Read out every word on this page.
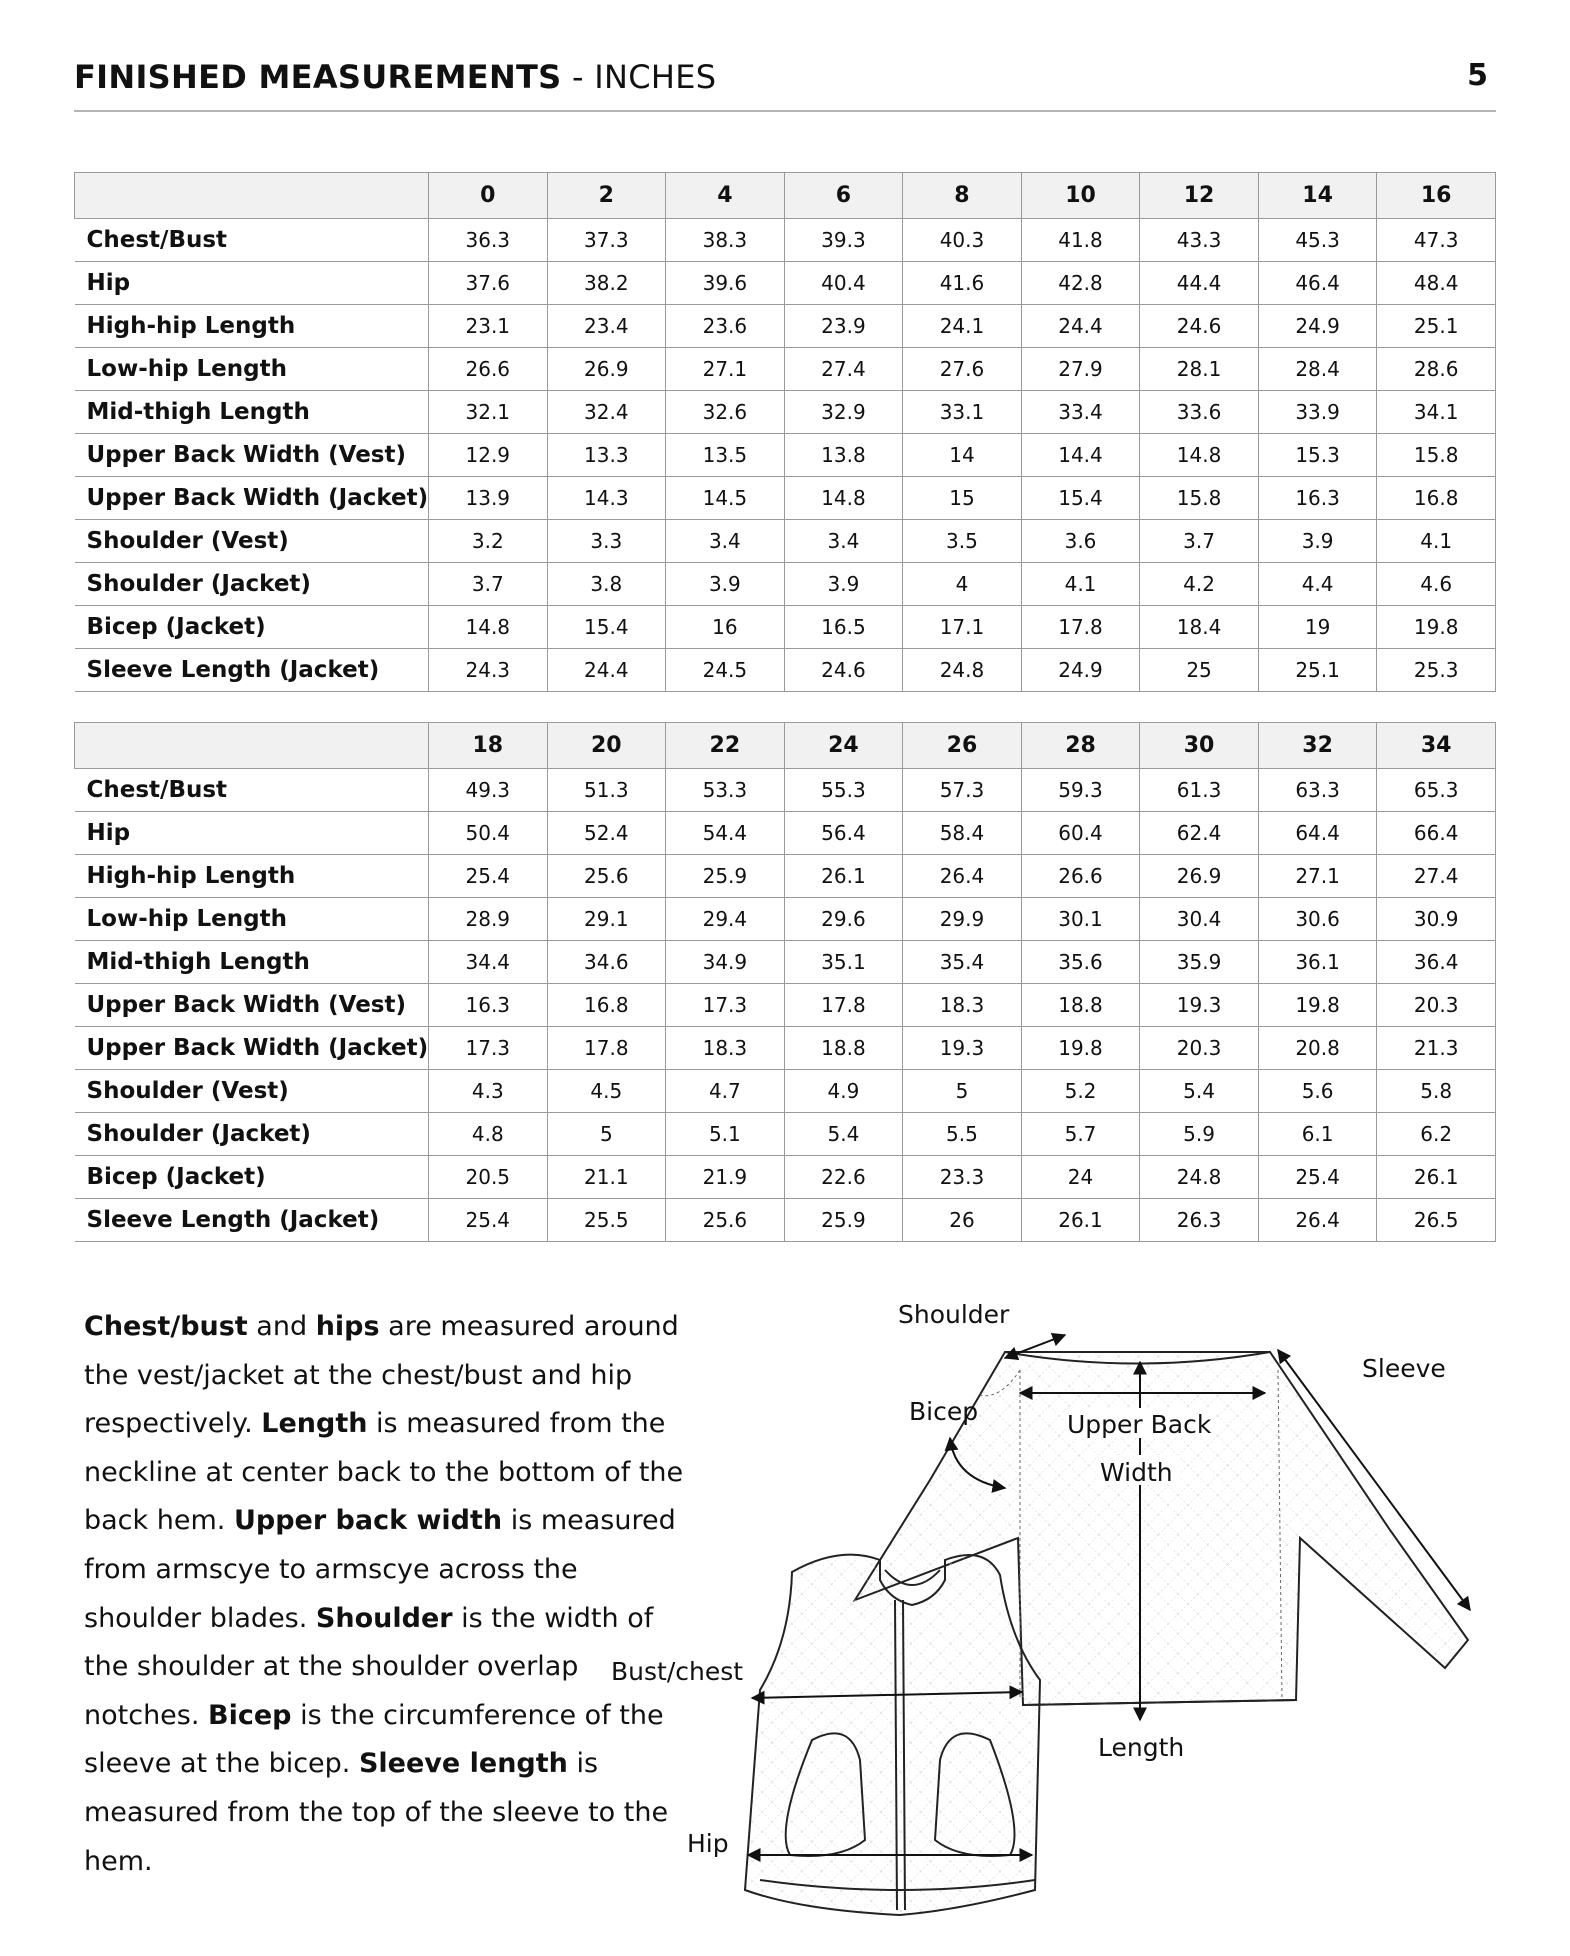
FINISHED MEASUREMENTS - INCHES	5
	0	2	4	6	8	10	12	14	16
Chest/Bust	36.3	37.3	38.3	39.3	40.3	41.8	43.3	45.3	47.3
Hip	37.6	38.2	39.6	40.4	41.6	42.8	44.4	46.4	48.4
High-hip Length	23.1	23.4	23.6	23.9	24.1	24.4	24.6	24.9	25.1
Low-hip Length	26.6	26.9	27.1	27.4	27.6	27.9	28.1	28.4	28.6
Mid-thigh Length	32.1	32.4	32.6	32.9	33.1	33.4	33.6	33.9	34.1
Upper Back Width (Vest)	12.9	13.3	13.5	13.8	14	14.4	14.8	15.3	15.8
Upper Back Width (Jacket)	13.9	14.3	14.5	14.8	15	15.4	15.8	16.3	16.8
Shoulder (Vest)	3.2	3.3	3.4	3.4	3.5	3.6	3.7	3.9	4.1
Shoulder (Jacket)	3.7	3.8	3.9	3.9	4	4.1	4.2	4.4	4.6
Bicep (Jacket)	14.8	15.4	16	16.5	17.1	17.8	18.4	19	19.8
Sleeve Length (Jacket)	24.3	24.4	24.5	24.6	24.8	24.9	25	25.1	25.3
	18	20	22	24	26	28	30	32	34
Chest/Bust	49.3	51.3	53.3	55.3	57.3	59.3	61.3	63.3	65.3
Hip	50.4	52.4	54.4	56.4	58.4	60.4	62.4	64.4	66.4
High-hip Length	25.4	25.6	25.9	26.1	26.4	26.6	26.9	27.1	27.4
Low-hip Length	28.9	29.1	29.4	29.6	29.9	30.1	30.4	30.6	30.9
Mid-thigh Length	34.4	34.6	34.9	35.1	35.4	35.6	35.9	36.1	36.4
Upper Back Width (Vest)	16.3	16.8	17.3	17.8	18.3	18.8	19.3	19.8	20.3
Upper Back Width (Jacket)	17.3	17.8	18.3	18.8	19.3	19.8	20.3	20.8	21.3
Shoulder (Vest)	4.3	4.5	4.7	4.9	5	5.2	5.4	5.6	5.8
Shoulder (Jacket)	4.8	5	5.1	5.4	5.5	5.7	5.9	6.1	6.2
Bicep (Jacket)	20.5	21.1	21.9	22.6	23.3	24	24.8	25.4	26.1
Sleeve Length (Jacket)	25.4	25.5	25.6	25.9	26	26.1	26.3	26.4	26.5
Chest/bust and hips are measured around the vest/jacket at the chest/bust and hip respectively. Length is measured from the neckline at center back to the bottom of the back hem. Upper back width is measured from armscye to armscye across the shoulder blades. Shoulder is the width of the shoulder at the shoulder overlap notches. Bicep is the circumference of the sleeve at the bicep. Sleeve length is measured from the top of the sleeve to the hem.
Shoulder
Sleeve
Bicep	Upper Back
Width
Length
Bust/chest
Hip
